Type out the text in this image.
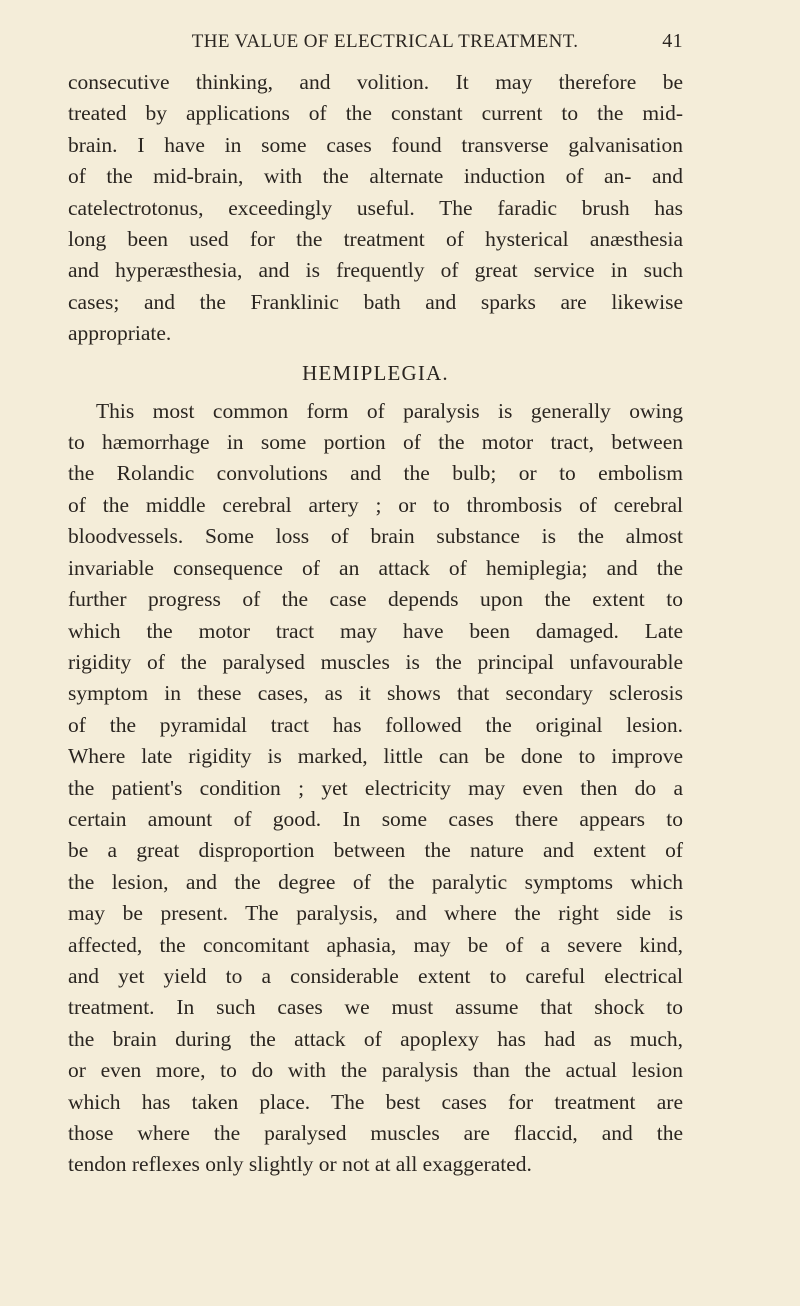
THE VALUE OF ELECTRICAL TREATMENT.	41

consecutive thinking, and volition. It may therefore be
treated by applications of the constant current to the mid-
brain. I have in some cases found transverse galvanisation
of the mid-brain, with the alternate induction of an- and
catelectrotonus, exceedingly useful. The faradic brush has
long been used for the treatment of hysterical anæsthesia
and hyperæsthesia, and is frequently of great service in such
cases; and the Franklinic bath and sparks are likewise
appropriate.

HEMIPLEGIA.

This most common form of paralysis is generally owing
to hæmorrhage in some portion of the motor tract, between
the Rolandic convolutions and the bulb; or to embolism
of the middle cerebral artery ; or to thrombosis of cerebral
bloodvessels. Some loss of brain substance is the almost
invariable consequence of an attack of hemiplegia; and the
further progress of the case depends upon the extent to
which the motor tract may have been damaged. Late
rigidity of the paralysed muscles is the principal unfavourable
symptom in these cases, as it shows that secondary sclerosis
of the pyramidal tract has followed the original lesion.
Where late rigidity is marked, little can be done to improve
the patient's condition ; yet electricity may even then do a
certain amount of good. In some cases there appears to
be a great disproportion between the nature and extent of
the lesion, and the degree of the paralytic symptoms which
may be present. The paralysis, and where the right side is
affected, the concomitant aphasia, may be of a severe kind,
and yet yield to a considerable extent to careful electrical
treatment. In such cases we must assume that shock to
the brain during the attack of apoplexy has had as much,
or even more, to do with the paralysis than the actual lesion
which has taken place. The best cases for treatment are
those where the paralysed muscles are flaccid, and the
tendon reflexes only slightly or not at all exaggerated.
